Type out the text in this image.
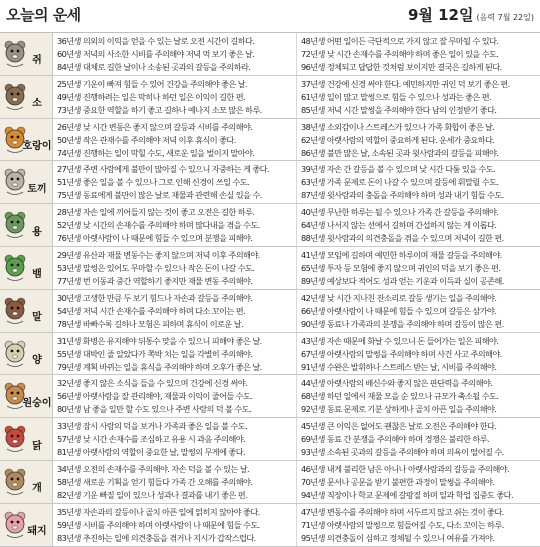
오늘의 운세	9월 12일 (음력 7월 22일)
쥐
36년생 의외의 이익을 얻을 수 있는 날로 오전 시간이 길하다.
60년생 저녁의 사소한 시비를 주의해야 저녁 먹 보기 좋은 날.
84년생 대체로 길한 날이나 소송된 곳과의 갈등을 주의하라.
48년생 어떤 일이든 극단적으로 가지 않고 잘 무마될 수 있다.
72년생 낮 시간 손재수를 주의해야 하며 좋은 일이 있을 수도.
96년생 정체되고 답답한 것처럼 보이지만 결국은 길하게 된다.
소
25년생 기운이 빠져 힘들 수 있어 건강을 주의해야 좋은 날.
49년생 진행하려는 일은 막히나 하던 일은 이익이 길한 편.
73년생 중요한 역할을 하기 좋고 길하나 예나지 소모 많은 하루.
37년생 건강에 신경 써야 한다. 예민하지만 귀인 덕 보기 좋은 편.
61년생 일이 많고 말썽으로 힘들 수 있으나 성과는 좋은 편.
85년생 저녁 시간 말썽을 주의해야 한다 남의 인정받기 좋다.
호랑이
26년생 낮 시간 변동은 좋지 않으며 갈등과 시비를 주의해야.
50년생 작은 관재수를 주의해야 저녁 이후 휴식이 좋다.
74년생 진행하는 일이 막힐 수도, 새로운 일을 벌이지 말아야.
38년생 소외감이나 스트레스가 있으나 가족 화합이 좋은 날.
62년생 아랫사람의 역할이 중요하게 된다. 운세가 중요하다.
86년생 불만 많은 날, 소속된 곳과 윗사람과의 갈등을 피해야.
토끼
27년생 주변 사람에게 불만이 많아질 수 있으니 자중하는 게 좋다.
51년생 좋은 일을 볼 수 있으나 그로 인해 신경이 쓰일 수도.
75년생 동료에게 불만이 많은 날로 재물과 관련해 손실 있을 수.
39년생 자손 간 갈등을 볼 수 있으며 낮 시간 다툼 있을 수도.
63년생 가족 문제로 돈이 나갈 수 있으며 갈등에 휘말릴 수도.
87년생 윗사람과의 충돌을 주의해야 하며 성과 내기 힘들 수도.
용
28년생 자손 일에 끼어들지 않는 것이 좋고 오전은 길한 하루.
52년생 낮 시간의 손재수를 주의해야 하며 많다내을 겪을 수도.
76년생 아랫사람이 나 때문에 힘들 수 있으며 분쟁을 피해야.
40년생 무난한 하루는 될 수 있으나 가족 간 갈등을 주의해야.
64년생 나서지 않는 선에서 길하며 간섭하지 않는 게 이롭다.
88년생 윗사람과의 의견충돌을 겪을 수 있으며 저녁이 길한 편.
뱀
29년생 유산과 재물 변동수는 좋지 않으며 저녁 이후 주의해야.
53년생 말썽은 있어도 무마할 수 있으나 작은 돈이 나갈 수도.
77년생 번 이동과 중간 역할하기 좋지만 재물 변동 주의해야.
41년생 모임에 길하며 예민한 하루이며 재물 갈등을 주의해야.
65년생 투자 등 모험에 좋지 않으며 귀인의 덕을 보기 좋은 편.
89년생 예상보다 적어도 성과 얻는 기운과 이득과 실이 공존해.
말
30년생 고생한 만큼 두 보기 힘드나 자손과 갈등을 주의해야.
54년생 저녁 시간 손재수를 주의해야 하며 다소 꼬이는 편.
78년생 바빠수록 길하나 모험은 피하며 휴식이 이로운 날.
42년생 낮 시간 지나친 잔소리로 갈등 생기는 일을 주의해야.
66년생 아랫사람이 나 때문에 힘들 수 있으며 갈등은 삼가야.
90년생 동료나 가족과의 분쟁을 주의해야 하며 갈등이 많은 편.
양
31년생 화병은 유지해야 뒤통수 맞을 수 있으니 피해야 좋은 날.
55년생 대박인 줄 알았다가 쪽박 치는 일을 각별히 주의해야.
79년생 계획 바뀌는 일을 휴식을 주의해야 하며 오후가 좋은 날.
43년생 자손 때문에 화날 수 있으니 돈 들어가는 일은 피해야.
67년생 아랫사람의 말썽을 주의해야 하며 사건 사고 주의해야.
91년생 수완은 발휘하나 스트레스 받는 날, 시비를 주의해야.
원숭이
32년생 좋지 않은 소식을 들을 수 있으며 건강에 신경 써야.
56년생 아랫사람을 잘 관리해야, 재물과 이익이 줄어들 수도.
80년생 남 좋을 일만 할 수도 있으나 주변 사람의 덕 볼 수도.
44년생 아랫사람의 배신수와 좋지 않은 판단력을 주의해야.
68년생 하던 일에서 재물 모을 순 있으나 규모가 축소될 수도.
92년생 동료 문제로 기분 상하게나 골치 아픈 일을 주의해야.
닭
33년생 잠시 사람의 덕을 보거나 가족과 좋은 일을 볼 수도.
57년생 낮 시간 손재수를 조심하고 유용 시 과음 주의해야.
81년생 아랫사람의 역할이 중요한 날, 말썽의 무게에 좋다.
45년생 큰 이익은 없어도 괜찮은 날로 오전은 주의해야 한다.
69년생 동료 간 분쟁을 주의해야 하며 경쟁은 불리한 하루.
93년생 소속된 곳과의 갈등을 주의해야 하며 의욕이 떨어질 수.
개
34년생 오전의 손재수를 주의해야. 자손 덕을 볼 수 있는 날.
58년생 새로운 기획을 얻기 힘들다 가족 간 오해를 주의해야.
82년생 기운 빠질 일이 있으나 성과나 결과를 내기 좋은 편.
46년생 내게 불리한 남은 아니나 아랫사람과의 갈등을 주의해야.
70년생 문서나 공문을 받기 불편한 과정이 말썽을 주의해야.
94년생 직장이나 학교 문제에 갈팡질 하며 일과 학업 집중도 좋다.
돼지
35년생 자손과의 갈등이나 골치 아픈 일에 얽히지 않아야 좋다.
59년생 시비를 주의해야 하며 아랫사람이 나 때문에 힘들 수도.
83년생 추진하는 일에 의견충돌을 겪거나 지시가 갑작스럽다.
47년생 변동수를 주의해야 하며 서두르지 않고 쉬는 것이 좋다.
71년생 아랫사람의 말썽으로 힘들어질 수도, 다소 꼬이는 하루.
95년생 의견충돌이 심하고 정체될 수 있으니 여유를 가져야.
